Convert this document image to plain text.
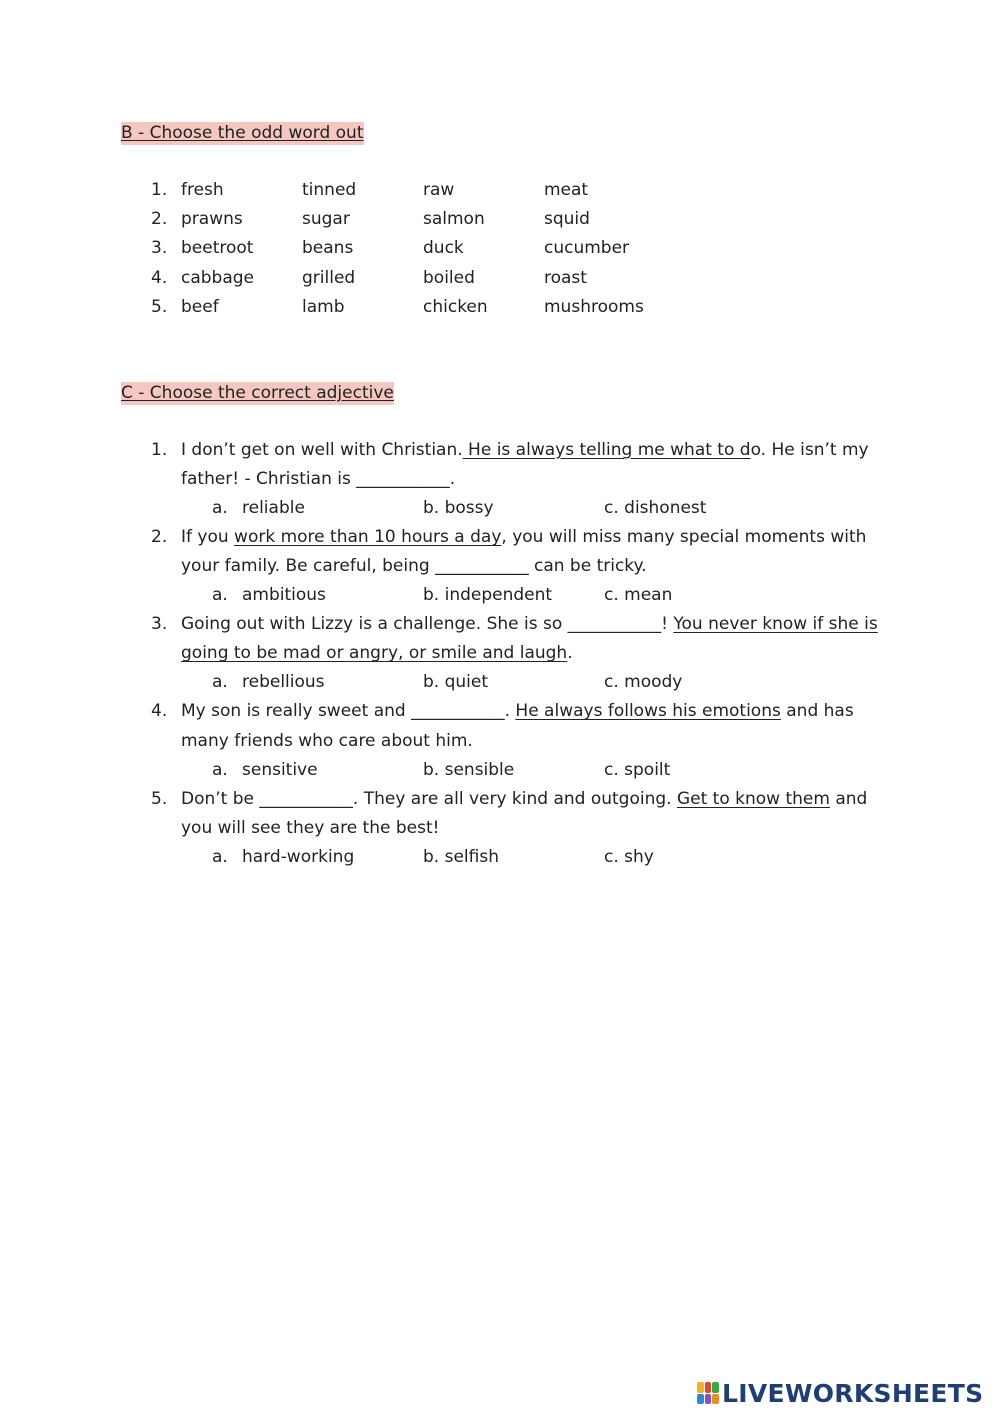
B - Choose the odd word out
1. fresh	tinned	raw	meat
2. prawns	sugar	salmon	squid
3. beetroot	beans	duck	cucumber
4. cabbage	grilled	boiled	roast
5. beef	lamb	chicken	mushrooms
C - Choose the correct adjective
1. I don’t get on well with Christian. He is always telling me what to do. He isn’t my
father! - Christian is ___________.
a. reliable	b. bossy	c. dishonest
2. If you work more than 10 hours a day, you will miss many special moments with
your family. Be careful, being ___________ can be tricky.
a. ambitious	b. independent	c. mean
3. Going out with Lizzy is a challenge. She is so ___________! You never know if she is
going to be mad or angry, or smile and laugh.
a. rebellious	b. quiet	c. moody
4. My son is really sweet and ___________. He always follows his emotions and has
many friends who care about him.
a. sensitive	b. sensible	c. spoilt
5. Don’t be ___________. They are all very kind and outgoing. Get to know them and
you will see they are the best!
a. hard-working	b. selfish	c. shy
LIVEWORKSHEETS
